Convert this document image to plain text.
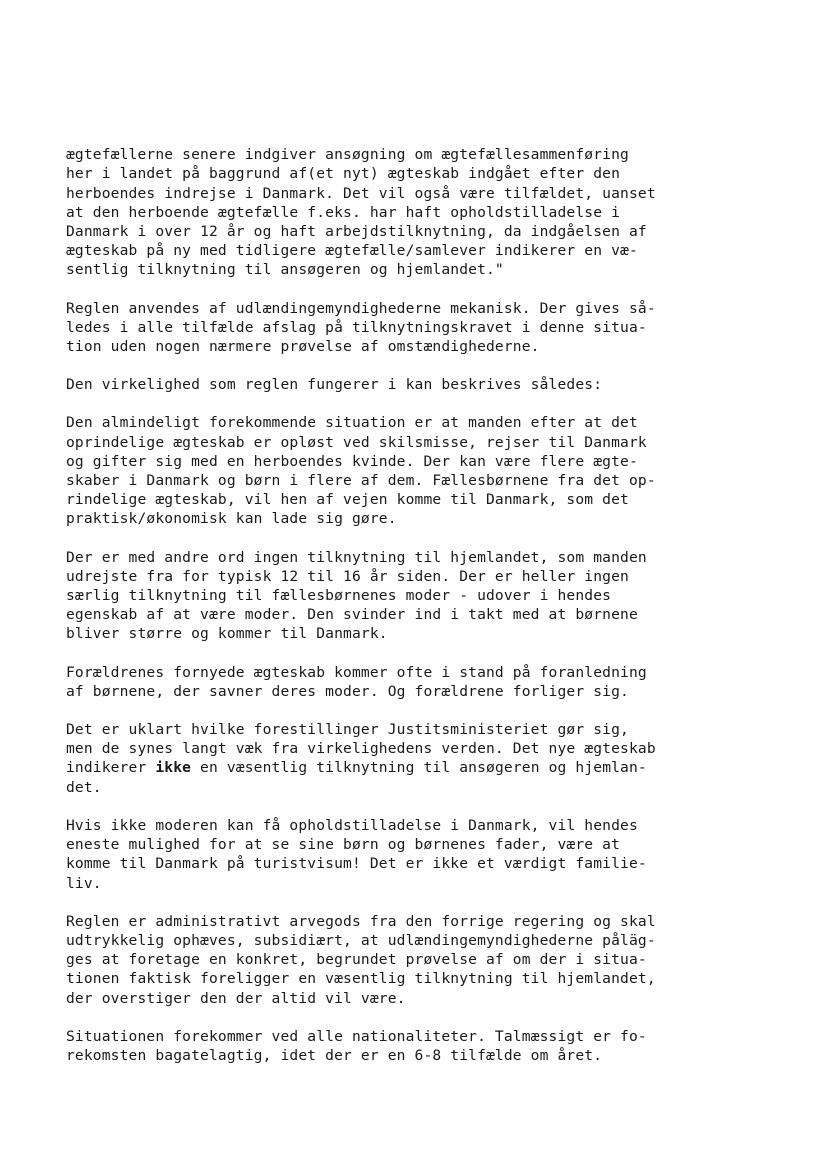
ægtefællerne senere indgiver ansøgning om ægtefællesammenføring
her i landet på baggrund af(et nyt) ægteskab indgået efter den
herboendes indrejse i Danmark. Det vil også være tilfældet, uanset
at den herboende ægtefælle f.eks. har haft opholdstilladelse i
Danmark i over 12 år og haft arbejdstilknytning, da indgåelsen af
ægteskab på ny med tidligere ægtefælle/samlever indikerer en væ-
sentlig tilknytning til ansøgeren og hjemlandet."

Reglen anvendes af udlændingemyndighederne mekanisk. Der gives så-
ledes i alle tilfælde afslag på tilknytningskravet i denne situa-
tion uden nogen nærmere prøvelse af omstændighederne.

Den virkelighed som reglen fungerer i kan beskrives således:

Den almindeligt forekommende situation er at manden efter at det
oprindelige ægteskab er opløst ved skilsmisse, rejser til Danmark
og gifter sig med en herboendes kvinde. Der kan være flere ægte-
skaber i Danmark og børn i flere af dem. Fællesbørnene fra det op-
rindelige ægteskab, vil hen af vejen komme til Danmark, som det
praktisk/økonomisk kan lade sig gøre.

Der er med andre ord ingen tilknytning til hjemlandet, som manden
udrejste fra for typisk 12 til 16 år siden. Der er heller ingen
særlig tilknytning til fællesbørnenes moder - udover i hendes
egenskab af at være moder. Den svinder ind i takt med at børnene
bliver større og kommer til Danmark.

Forældrenes fornyede ægteskab kommer ofte i stand på foranledning
af børnene, der savner deres moder. Og forældrene forliger sig.

Det er uklart hvilke forestillinger Justitsministeriet gør sig,
men de synes langt væk fra virkelighedens verden. Det nye ægteskab
indikerer ikke en væsentlig tilknytning til ansøgeren og hjemlan-
det.

Hvis ikke moderen kan få opholdstilladelse i Danmark, vil hendes
eneste mulighed for at se sine børn og børnenes fader, være at
komme til Danmark på turistvisum! Det er ikke et værdigt familie-
liv.

Reglen er administrativt arvegods fra den forrige regering og skal
udtrykkelig ophæves, subsidiært, at udlændingemyndighederne påläg-
ges at foretage en konkret, begrundet prøvelse af om der i situa-
tionen faktisk foreligger en væsentlig tilknytning til hjemlandet,
der overstiger den der altid vil være.

Situationen forekommer ved alle nationaliteter. Talmæssigt er fo-
rekomsten bagatelagtig, idet der er en 6-8 tilfælde om året.
